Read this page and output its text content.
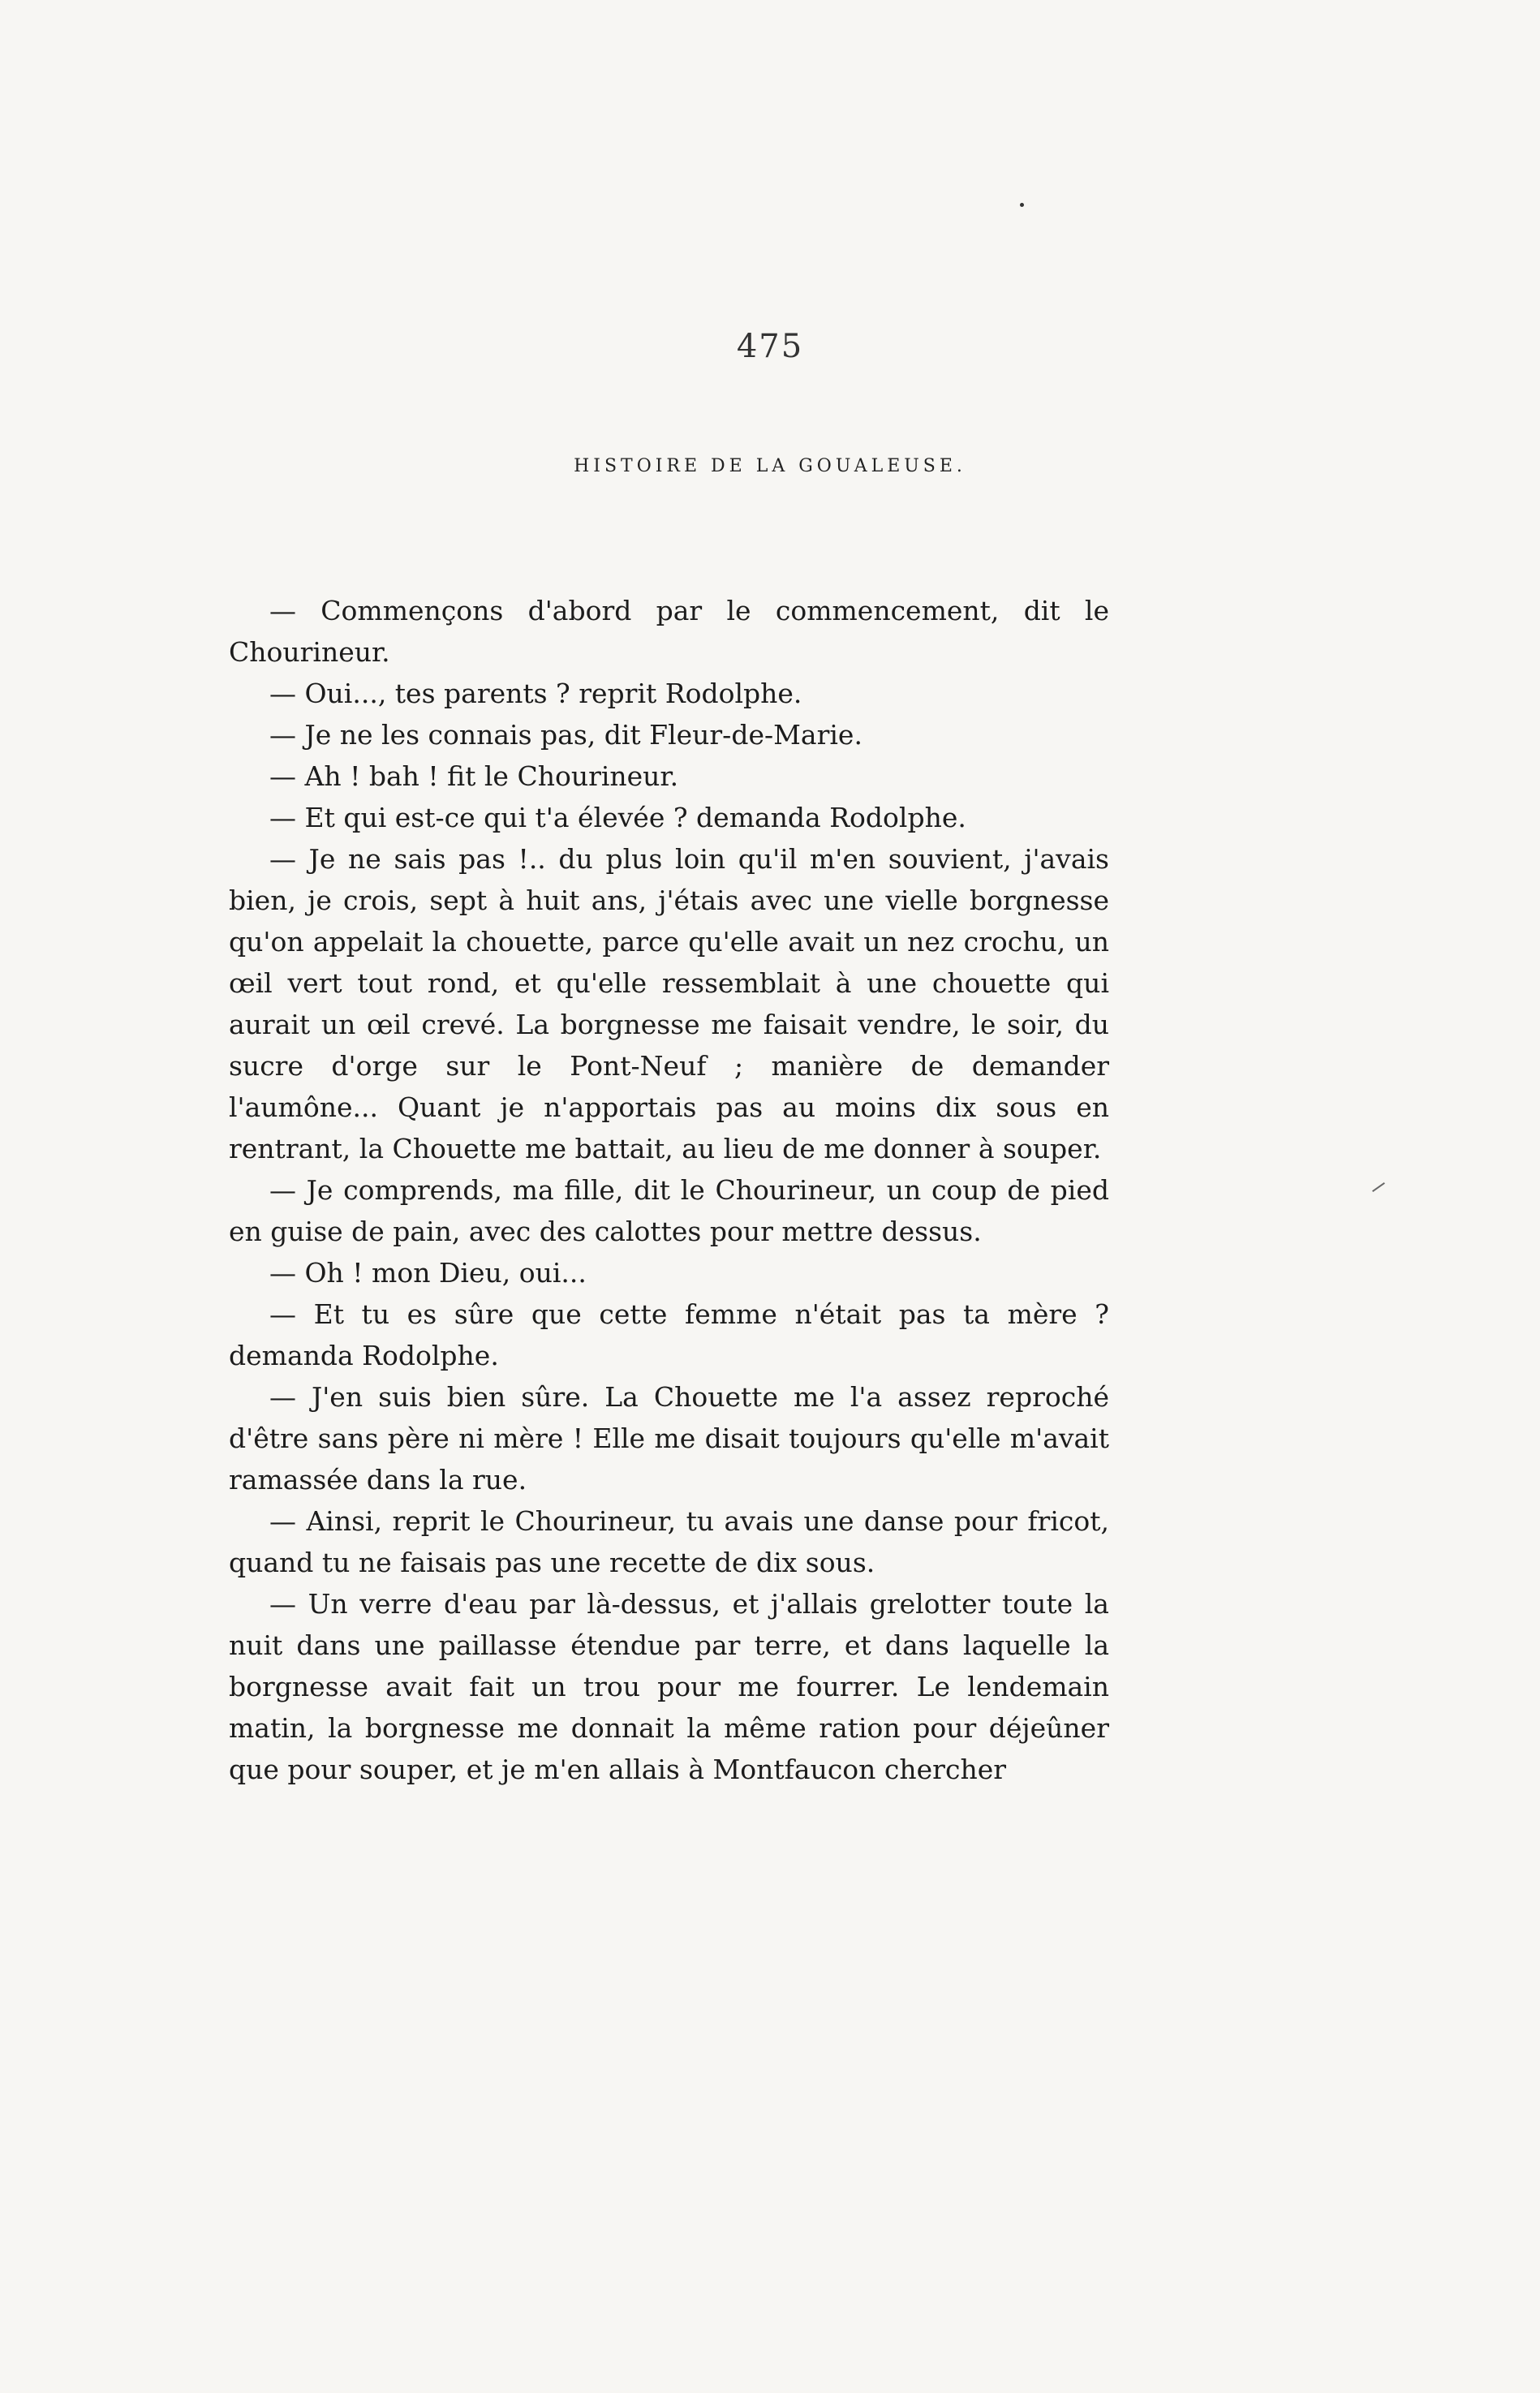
475
HISTOIRE DE LA GOUALEUSE.

— Commençons d'abord par le commencement, dit le Chourineur.

— Oui..., tes parents ? reprit Rodolphe.

— Je ne les connais pas, dit Fleur-de-Marie.

— Ah ! bah ! fit le Chourineur.

— Et qui est-ce qui t'a élevée ? demanda Rodolphe.

— Je ne sais pas !.. du plus loin qu'il m'en souvient, j'avais bien, je crois, sept à huit ans, j'étais avec une vielle borgnesse qu'on appelait la chouette, parce qu'elle avait un nez crochu, un œil vert tout rond, et qu'elle ressemblait à une chouette qui aurait un œil crevé. La borgnesse me faisait vendre, le soir, du sucre d'orge sur le Pont-Neuf ; manière de demander l'aumône... Quant je n'apportais pas au moins dix sous en rentrant, la Chouette me battait, au lieu de me donner à souper.

— Je comprends, ma fille, dit le Chourineur, un coup de pied en guise de pain, avec des calottes pour mettre dessus.

— Oh ! mon Dieu, oui...

— Et tu es sûre que cette femme n'était pas ta mère ? demanda Rodolphe.

— J'en suis bien sûre. La Chouette me l'a assez reproché d'être sans père ni mère ! Elle me disait toujours qu'elle m'avait ramassée dans la rue.

— Ainsi, reprit le Chourineur, tu avais une danse pour fricot, quand tu ne faisais pas une recette de dix sous.

— Un verre d'eau par là-dessus, et j'allais grelotter toute la nuit dans une paillasse étendue par terre, et dans laquelle la borgnesse avait fait un trou pour me fourrer. Le lendemain matin, la borgnesse me donnait la même ration pour déjeûner que pour souper, et je m'en allais à Montfaucon chercher
